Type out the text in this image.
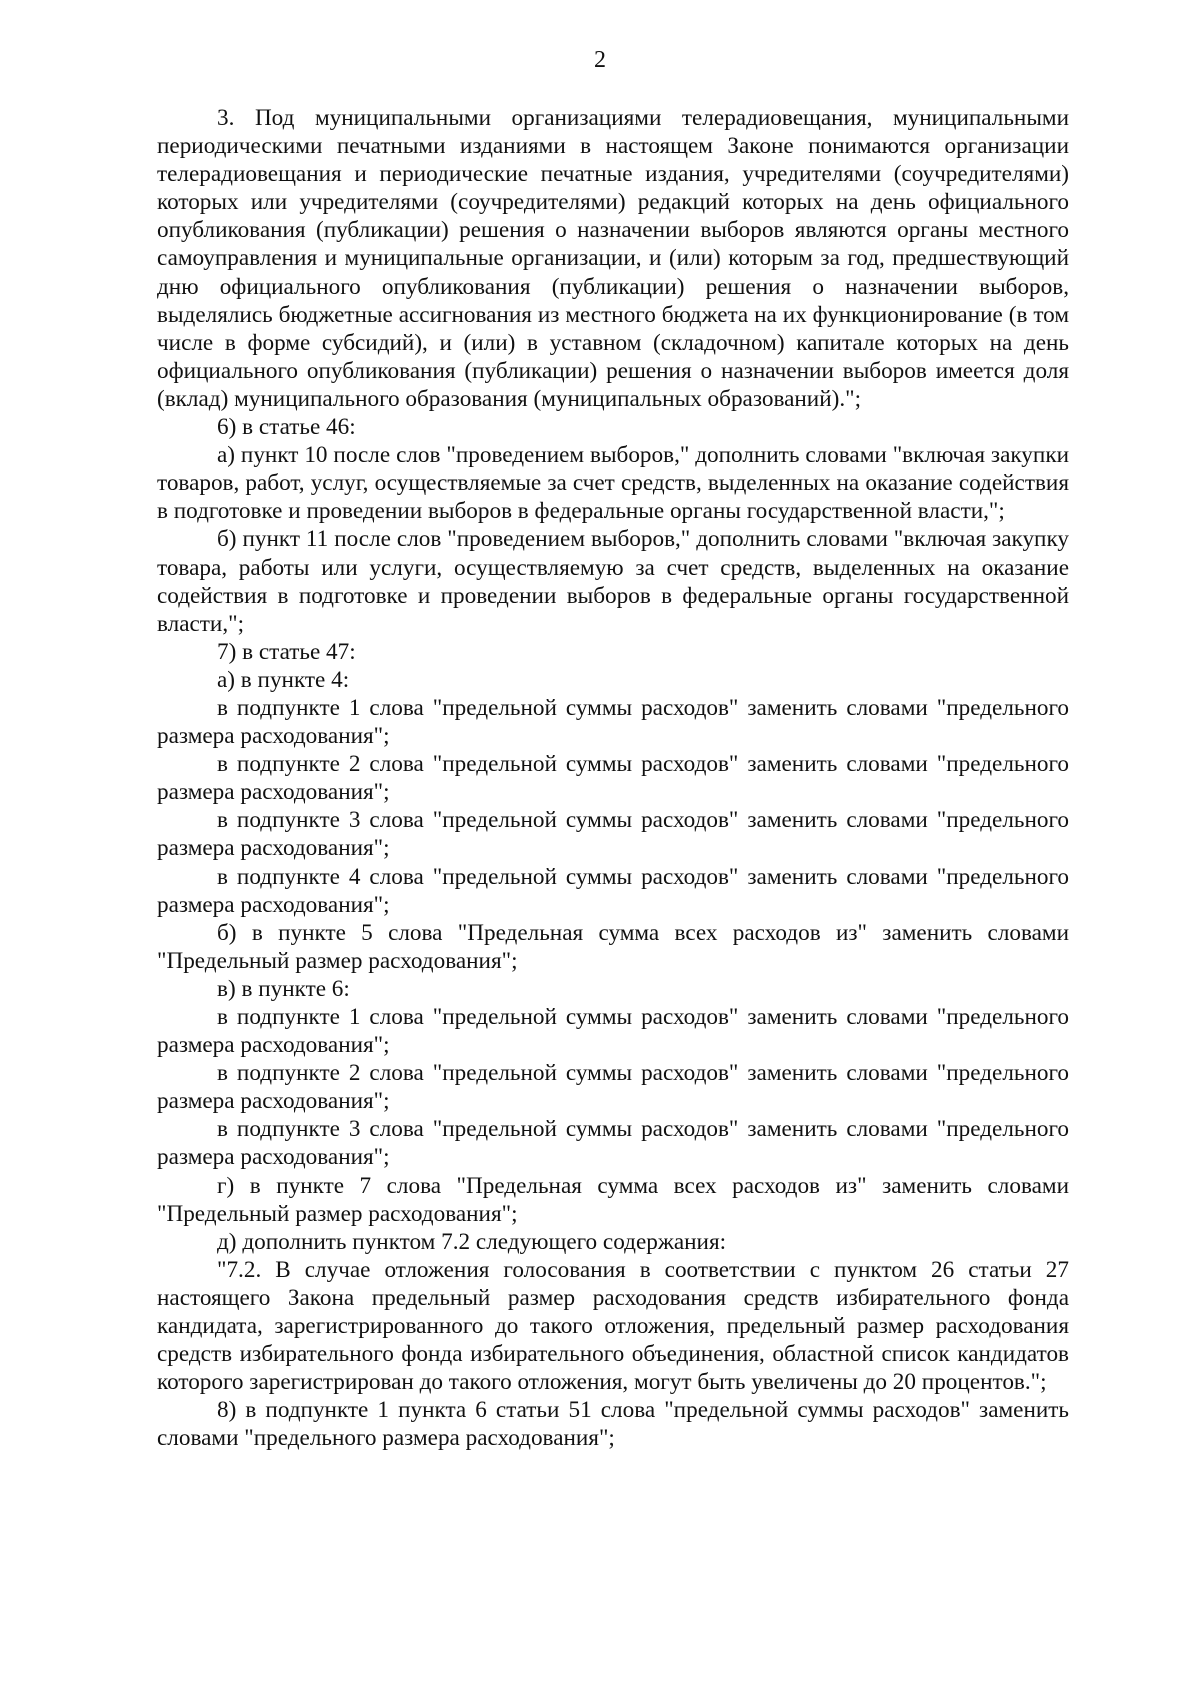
2

3. Под муниципальными организациями телерадиовещания, муниципальными периодическими печатными изданиями в настоящем Законе понимаются организации телерадиовещания и периодические печатные издания, учредителями (соучредителями) которых или учредителями (соучредителями) редакций которых на день официального опубликования (публикации) решения о назначении выборов являются органы местного самоуправления и муниципальные организации, и (или) которым за год, предшествующий дню официального опубликования (публикации) решения о назначении выборов, выделялись бюджетные ассигнования из местного бюджета на их функционирование (в том числе в форме субсидий), и (или) в уставном (складочном) капитале которых на день официального опубликования (публикации) решения о назначении выборов имеется доля (вклад) муниципального образования (муниципальных образований).";

6) в статье 46:

а) пункт 10 после слов "проведением выборов," дополнить словами "включая закупки товаров, работ, услуг, осуществляемые за счет средств, выделенных на оказание содействия в подготовке и проведении выборов в федеральные органы государственной власти,";

б) пункт 11 после слов "проведением выборов," дополнить словами "включая закупку товара, работы или услуги, осуществляемую за счет средств, выделенных на оказание содействия в подготовке и проведении выборов в федеральные органы государственной власти,";

7) в статье 47:

а) в пункте 4:

в подпункте 1 слова "предельной суммы расходов" заменить словами "предельного размера расходования";

в подпункте 2 слова "предельной суммы расходов" заменить словами "предельного размера расходования";

в подпункте 3 слова "предельной суммы расходов" заменить словами "предельного размера расходования";

в подпункте 4 слова "предельной суммы расходов" заменить словами "предельного размера расходования";

б) в пункте 5 слова "Предельная сумма всех расходов из" заменить словами "Предельный размер расходования";

в) в пункте 6:

в подпункте 1 слова "предельной суммы расходов" заменить словами "предельного размера расходования";

в подпункте 2 слова "предельной суммы расходов" заменить словами "предельного размера расходования";

в подпункте 3 слова "предельной суммы расходов" заменить словами "предельного размера расходования";

г) в пункте 7 слова "Предельная сумма всех расходов из" заменить словами "Предельный размер расходования";

д) дополнить пунктом 7.2 следующего содержания:

"7.2. В случае отложения голосования в соответствии с пунктом 26 статьи 27 настоящего Закона предельный размер расходования средств избирательного фонда кандидата, зарегистрированного до такого отложения, предельный размер расходования средств избирательного фонда избирательного объединения, областной список кандидатов которого зарегистрирован до такого отложения, могут быть увеличены до 20 процентов.";

8) в подпункте 1 пункта 6 статьи 51 слова "предельной суммы расходов" заменить словами "предельного размера расходования";
